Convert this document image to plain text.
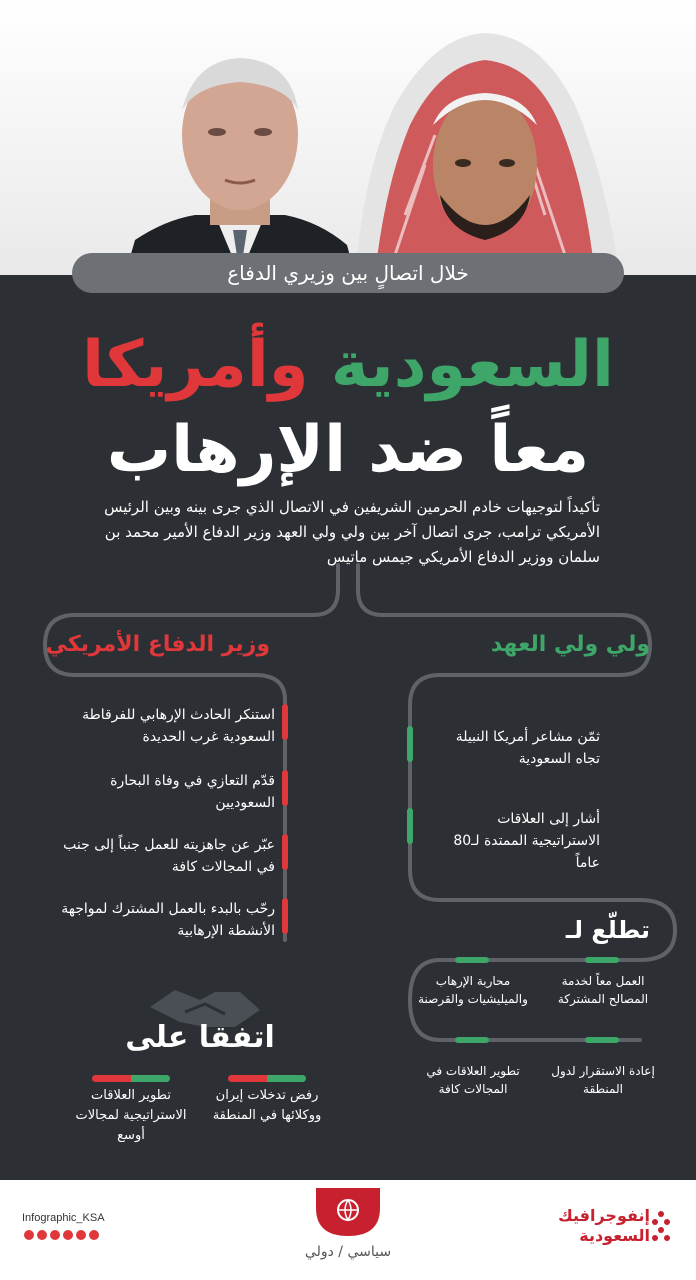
خلال اتصالٍ بين وزيري الدفاع
السعودية وأمريكا
معاً ضد الإرهاب
تأكيداً لتوجيهات خادم الحرمين الشريفين في الاتصال الذي جرى بينه وبين الرئيس الأمريكي ترامب، جرى اتصال آخر بين ولي ولي العهد وزير الدفاع الأمير محمد بن سلمان ووزير الدفاع الأمريكي جيمس ماتيس
ولي ولي العهد
وزير الدفاع الأمريكي
استنكر الحادث الإرهابي للفرقاطة السعودية غرب الحديدة
قدّم التعازي في وفاة البحارة السعوديين
عبّر عن جاهزيته للعمل جنباً إلى جنب في المجالات كافة
رحّب بالبدء بالعمل المشترك لمواجهة الأنشطة الإرهابية
ثمّن مشاعر أمريكا النبيلة تجاه السعودية
أشار إلى العلاقات الاستراتيجية الممتدة لـ80 عاماً
تطلّع لـ
العمل معاً لخدمة المصالح المشتركة
محاربة الإرهاب والميليشيات والقرصنة
إعادة الاستقرار لدول المنطقة
تطوير العلاقات في المجالات كافة
اتفقا على
رفض تدخلات إيران ووكلائها في المنطقة
تطوير العلاقات الاستراتيجية لمجالات أوسع
Infographic_KSA
سياسي / دولي
إنفوجرافيك
السعودية
